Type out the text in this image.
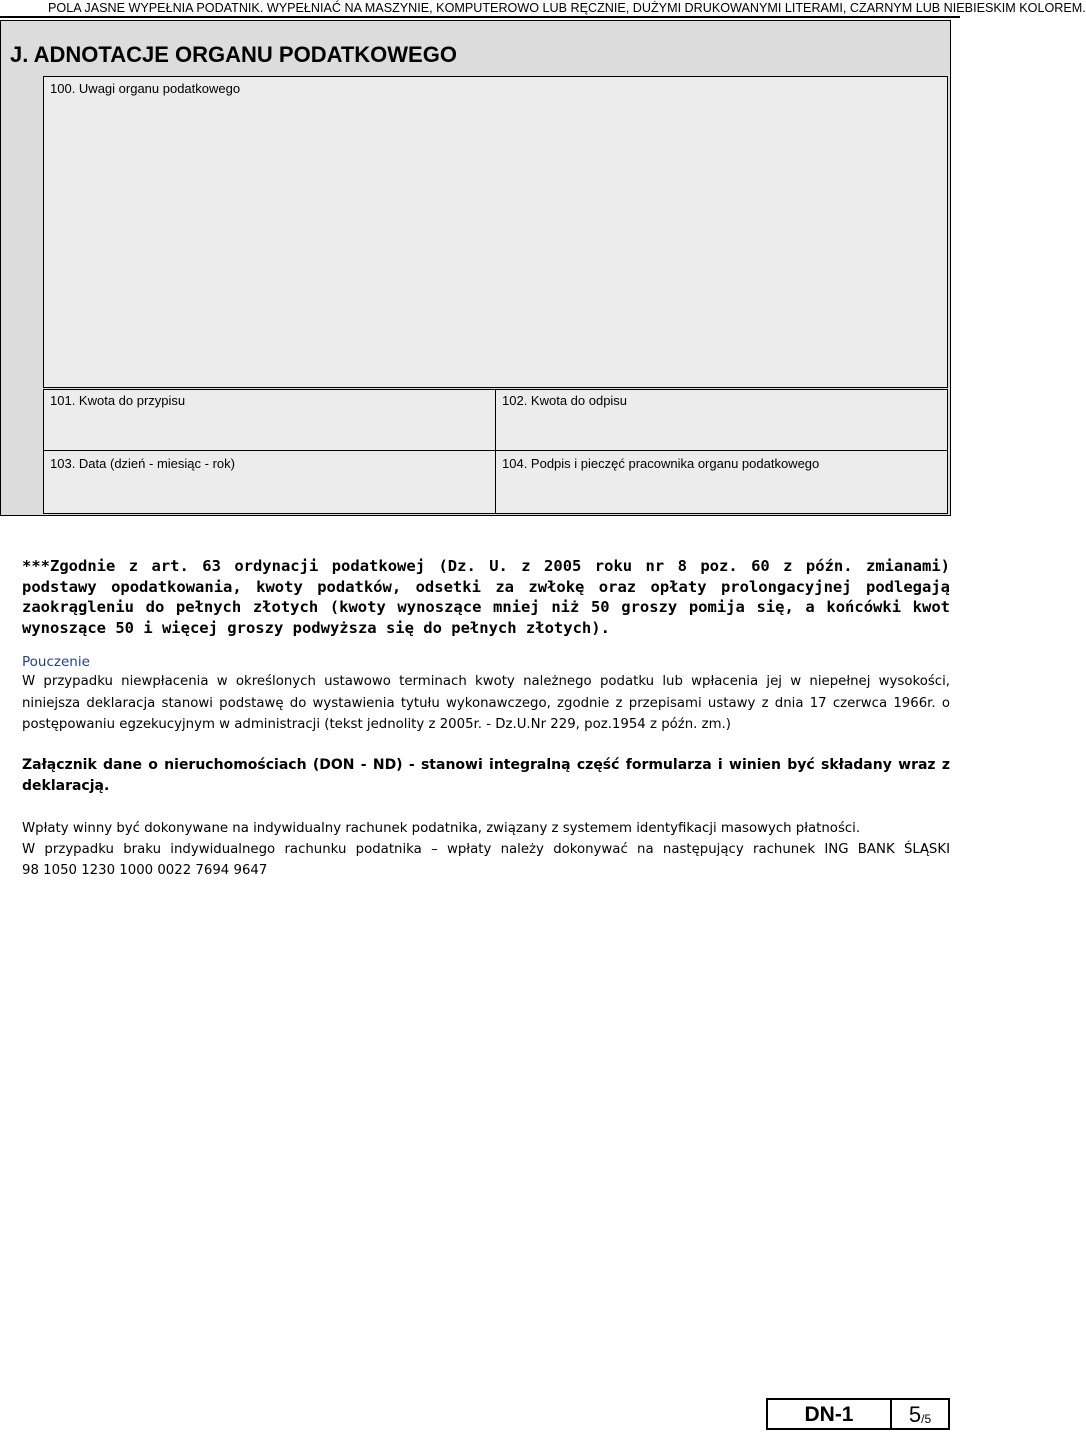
POLA JASNE WYPEŁNIA PODATNIK. WYPEŁNIAĆ NA MASZYNIE, KOMPUTEROWO LUB RĘCZNIE, DUŻYMI DRUKOWANYMI LITERAMI, CZARNYM LUB NIEBIESKIM KOLOREM.
J. ADNOTACJE ORGANU PODATKOWEGO
100. Uwagi organu podatkowego
101. Kwota do przypisu	102. Kwota do odpisu
103. Data (dzień - miesiąc - rok)	104. Podpis i pieczęć pracownika organu podatkowego
***Zgodnie z art. 63 ordynacji podatkowej (Dz. U. z 2005 roku nr 8 poz. 60 z późn. zmianami) podstawy opodatkowania, kwoty podatków, odsetki za zwłokę oraz opłaty prolongacyjnej podlegają zaokrągleniu do pełnych złotych (kwoty wynoszące mniej niż 50 groszy pomija się, a końcówki kwot wynoszące 50 i więcej groszy podwyższa się do pełnych złotych).
Pouczenie
W przypadku niewpłacenia w określonych ustawowo terminach kwoty należnego podatku lub wpłacenia jej w niepełnej wysokości, niniejsza deklaracja stanowi podstawę do wystawienia tytułu wykonawczego, zgodnie z przepisami ustawy z dnia 17 czerwca 1966r. o postępowaniu egzekucyjnym w administracji (tekst jednolity z 2005r. - Dz.U.Nr 229, poz.1954 z późn. zm.)
Załącznik dane o nieruchomościach (DON - ND) - stanowi integralną część formularza i winien być składany wraz z deklaracją.

Wpłaty winny być dokonywane na indywidualny rachunek podatnika, związany z systemem identyfikacji masowych płatności.

W przypadku braku indywidualnego rachunku podatnika – wpłaty należy dokonywać na następujący rachunek ING BANK ŚLĄSKI

98 1050 1230 1000 0022 7694 9647

DN-1	5 /5
